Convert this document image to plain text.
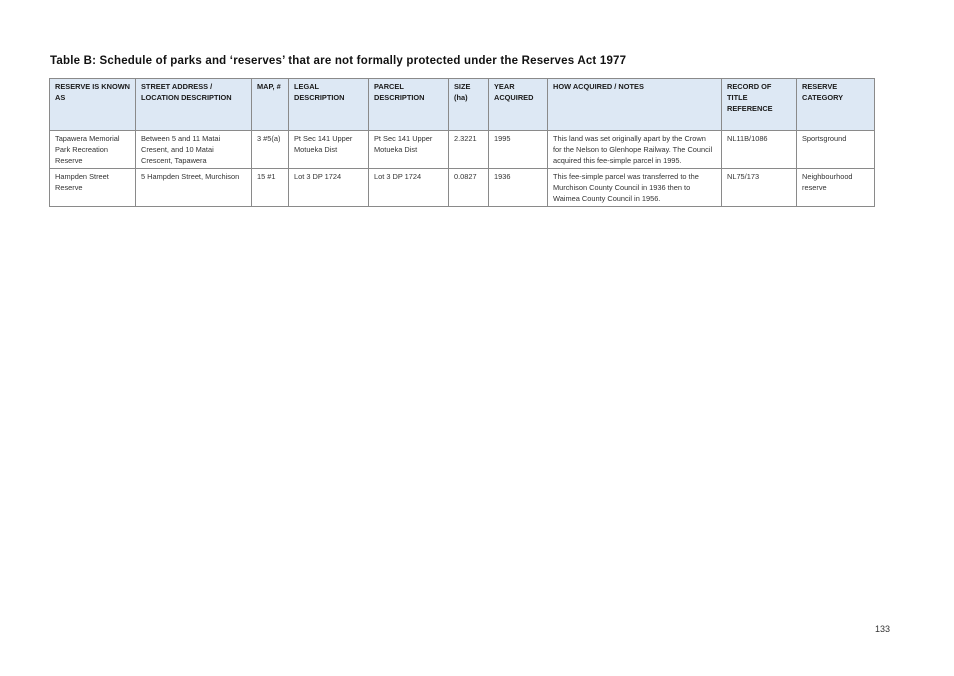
Table B: Schedule of parks and ‘reserves’ that are not formally protected under the Reserves Act 1977
RESERVE IS KNOWN AS	STREET ADDRESS / LOCATION DESCRIPTION	MAP, #	LEGAL DESCRIPTION	PARCEL DESCRIPTION	SIZE (ha)	YEAR ACQUIRED	HOW ACQUIRED / NOTES	RECORD OF TITLE REFERENCE	RESERVE CATEGORY
Tapawera Memorial Park Recreation Reserve	Between 5 and 11 Matai Cresent, and 10 Matai Crescent, Tapawera	3 #5(a)	Pt Sec 141 Upper Motueka Dist	Pt Sec 141 Upper Motueka Dist	2.3221	1995	This land was set originally apart by the Crown for the Nelson to Glenhope Railway. The Council acquired this fee-simple parcel in 1995.	NL11B/1086	Sportsground
Hampden Street Reserve	5 Hampden Street, Murchison	15 #1	Lot 3 DP 1724	Lot 3 DP 1724	0.0827	1936	This fee-simple parcel was transferred to the Murchison County Council in 1936 then to Waimea County Council in 1956.	NL75/173	Neighbourhood reserve
133
